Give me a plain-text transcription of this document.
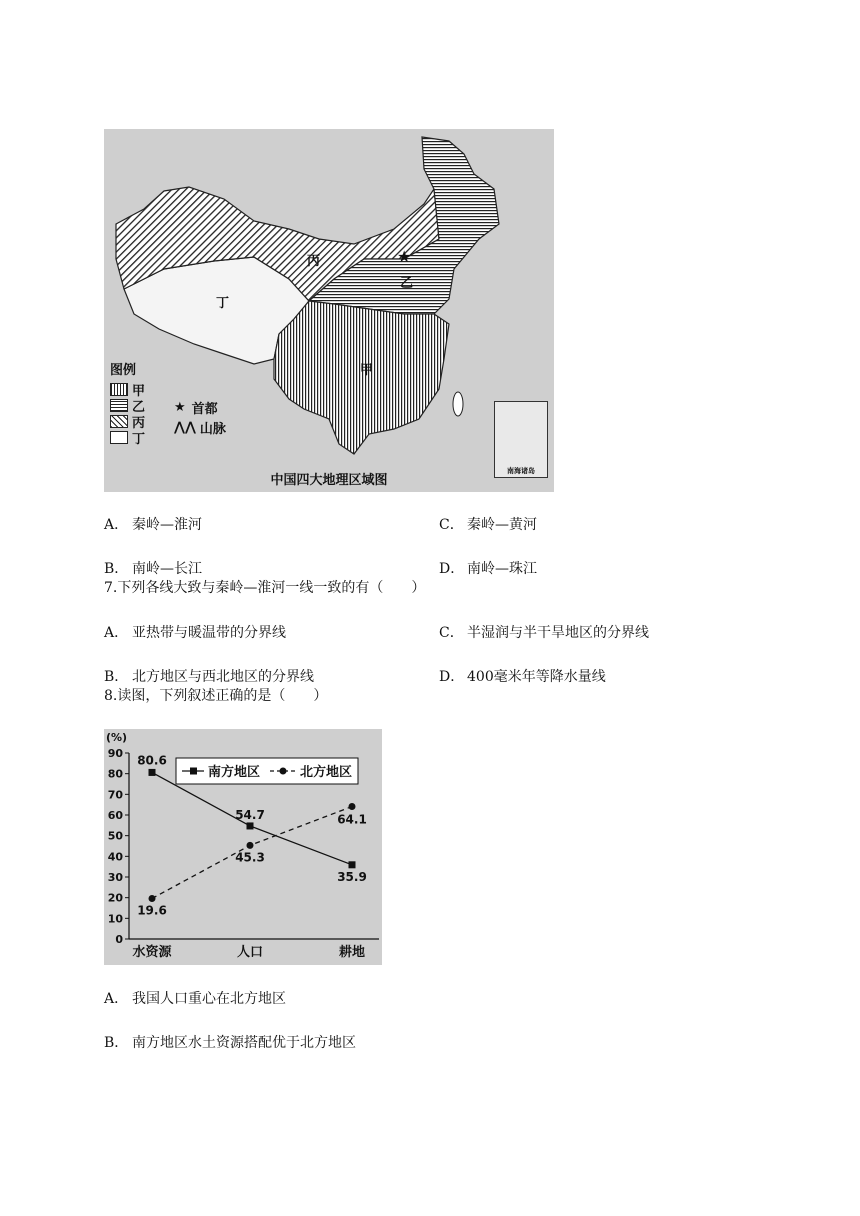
★
丙
乙
丁
甲
图例
甲
乙
丙
丁
★ 首都
⋀⋀ 山脉
南海诸岛
中国四大地理区域图
A． 秦岭—淮河	C． 秦岭—黄河
B． 南岭—长江	D． 南岭—珠江
7.下列各线大致与秦岭—淮河一线一致的有（　　）
A． 亚热带与暖温带的分界线	C． 半湿润与半干旱地区的分界线
B． 北方地区与西北地区的分界线	D． 400毫米年等降水量线
8.读图，下列叙述正确的是（　　）
(%)
0
10
20
30
40
50
60
70
80
90
水资源	人口	耕地
80.6
54.7
35.9
19.6
45.3
64.1
南方地区	北方地区
A． 我国人口重心在北方地区
B． 南方地区水土资源搭配优于北方地区
